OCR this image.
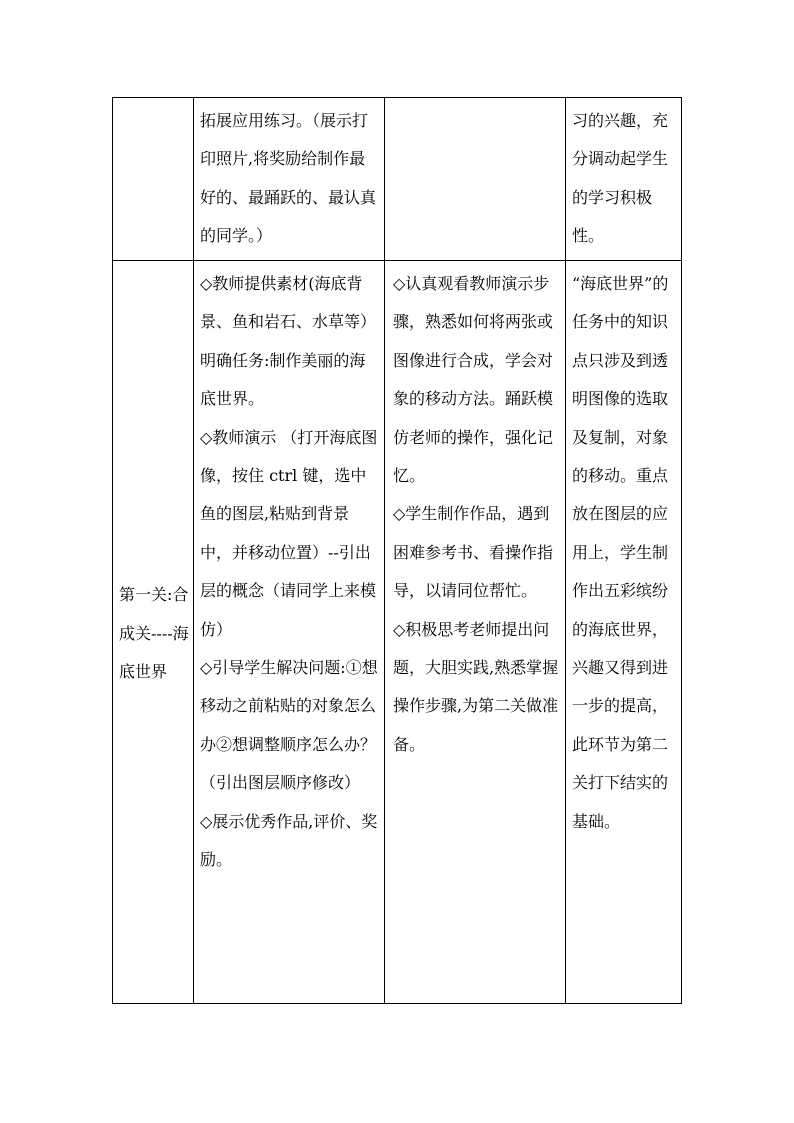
	拓展应用练习。（展示打印照片,将奖励给制作最好的、最踊跃的、最认真的同学。）		习的兴趣，充分调动起学生的学习积极性。
第一关:合成关----海底世界	◇教师提供素材(海底背景、鱼和岩石、水草等）明确任务:制作美丽的海底世界。
◇教师演示 （打开海底图像，按住 ctrl 键，选中鱼的图层,粘贴到背景中，并移动位置）--引出层的概念（请同学上来模仿）
◇引导学生解决问题:①想移动之前粘贴的对象怎么办②想调整顺序怎么办？（引出图层顺序修改）
◇展示优秀作品,评价、奖励。	◇认真观看教师演示步骤，熟悉如何将两张或图像进行合成，学会对象的移动方法。踊跃模仿老师的操作，强化记忆。
◇学生制作作品，遇到困难参考书、看操作指导，以请同位帮忙。
◇积极思考老师提出问题，大胆实践,熟悉掌握操作步骤,为第二关做准备。	“海底世界”的任务中的知识点只涉及到透明图像的选取及复制，对象的移动。重点放在图层的应用上，学生制作出五彩缤纷的海底世界，兴趣又得到进一步的提高，此环节为第二关打下结实的基础。
